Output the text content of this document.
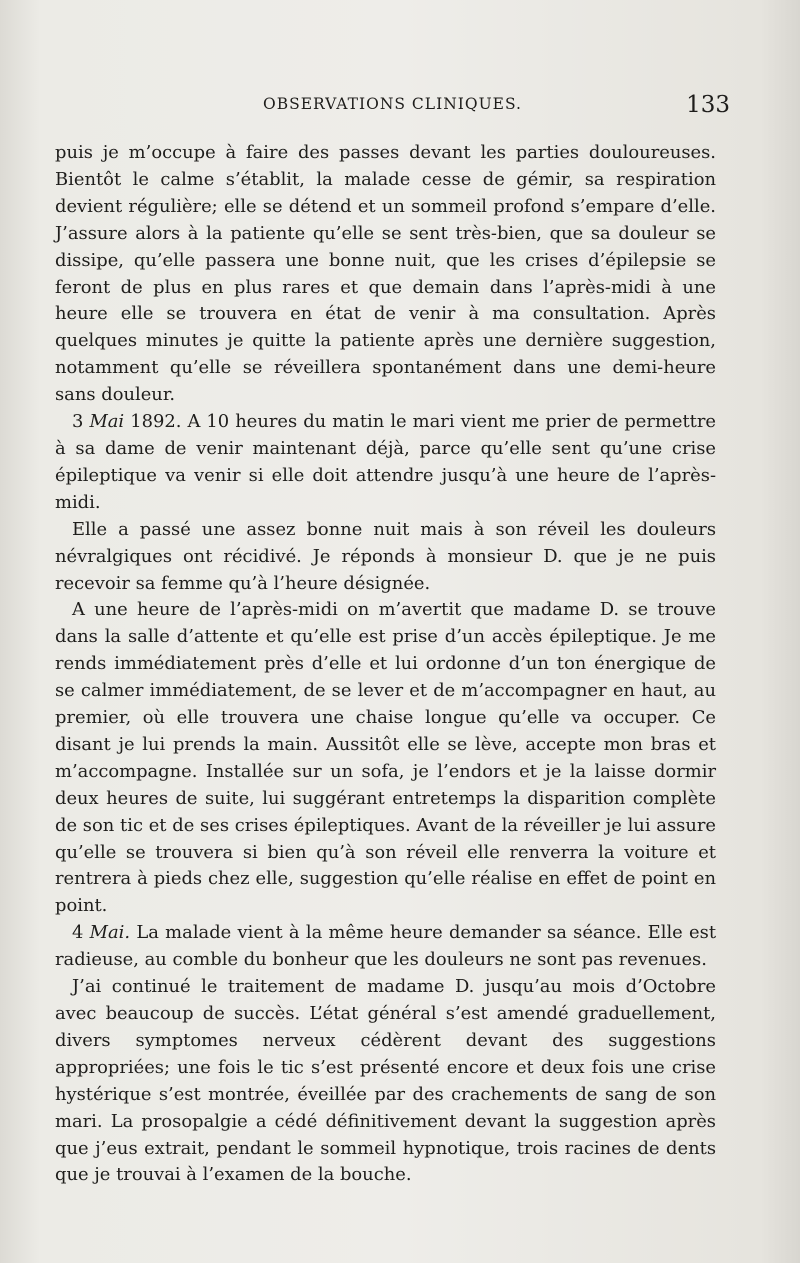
OBSERVATIONS CLINIQUES.	133

puis je m’occupe à faire des passes devant les parties douloureuses. Bientôt le calme s’établit, la malade cesse de gémir, sa respiration devient régulière; elle se détend et un sommeil profond s’empare d’elle. J’assure alors à la patiente qu’elle se sent très-bien, que sa douleur se dissipe, qu’elle passera une bonne nuit, que les crises d’épilepsie se feront de plus en plus rares et que demain dans l’après-midi à une heure elle se trouvera en état de venir à ma consultation. Après quelques minutes je quitte la patiente après une dernière suggestion, notamment qu’elle se réveillera spontanément dans une demi-heure sans douleur.

3 Mai 1892. A 10 heures du matin le mari vient me prier de permettre à sa dame de venir maintenant déjà, parce qu’elle sent qu’une crise épileptique va venir si elle doit attendre jusqu’à une heure de l’après-midi.

Elle a passé une assez bonne nuit mais à son réveil les douleurs névralgiques ont récidivé. Je réponds à monsieur D. que je ne puis recevoir sa femme qu’à l’heure désignée.

A une heure de l’après-midi on m’avertit que madame D. se trouve dans la salle d’attente et qu’elle est prise d’un accès épileptique. Je me rends immédiatement près d’elle et lui ordonne d’un ton énergique de se calmer immédiatement, de se lever et de m’accompagner en haut, au premier, où elle trouvera une chaise longue qu’elle va occuper. Ce disant je lui prends la main. Aussitôt elle se lève, accepte mon bras et m’accompagne. Installée sur un sofa, je l’endors et je la laisse dormir deux heures de suite, lui suggérant entretemps la disparition complète de son tic et de ses crises épileptiques. Avant de la réveiller je lui assure qu’elle se trouvera si bien qu’à son réveil elle renverra la voiture et rentrera à pieds chez elle, suggestion qu’elle réalise en effet de point en point.

4 Mai. La malade vient à la même heure demander sa séance. Elle est radieuse, au comble du bonheur que les douleurs ne sont pas revenues.

J’ai continué le traitement de madame D. jusqu’au mois d’Octobre avec beaucoup de succès. L’état général s’est amendé graduellement, divers symptomes nerveux cédèrent devant des suggestions appropriées; une fois le tic s’est présenté encore et deux fois une crise hystérique s’est montrée, éveillée par des crachements de sang de son mari. La prosopalgie a cédé définitivement devant la suggestion après que j’eus extrait, pendant le sommeil hypnotique, trois racines de dents que je trouvai à l’examen de la bouche.
